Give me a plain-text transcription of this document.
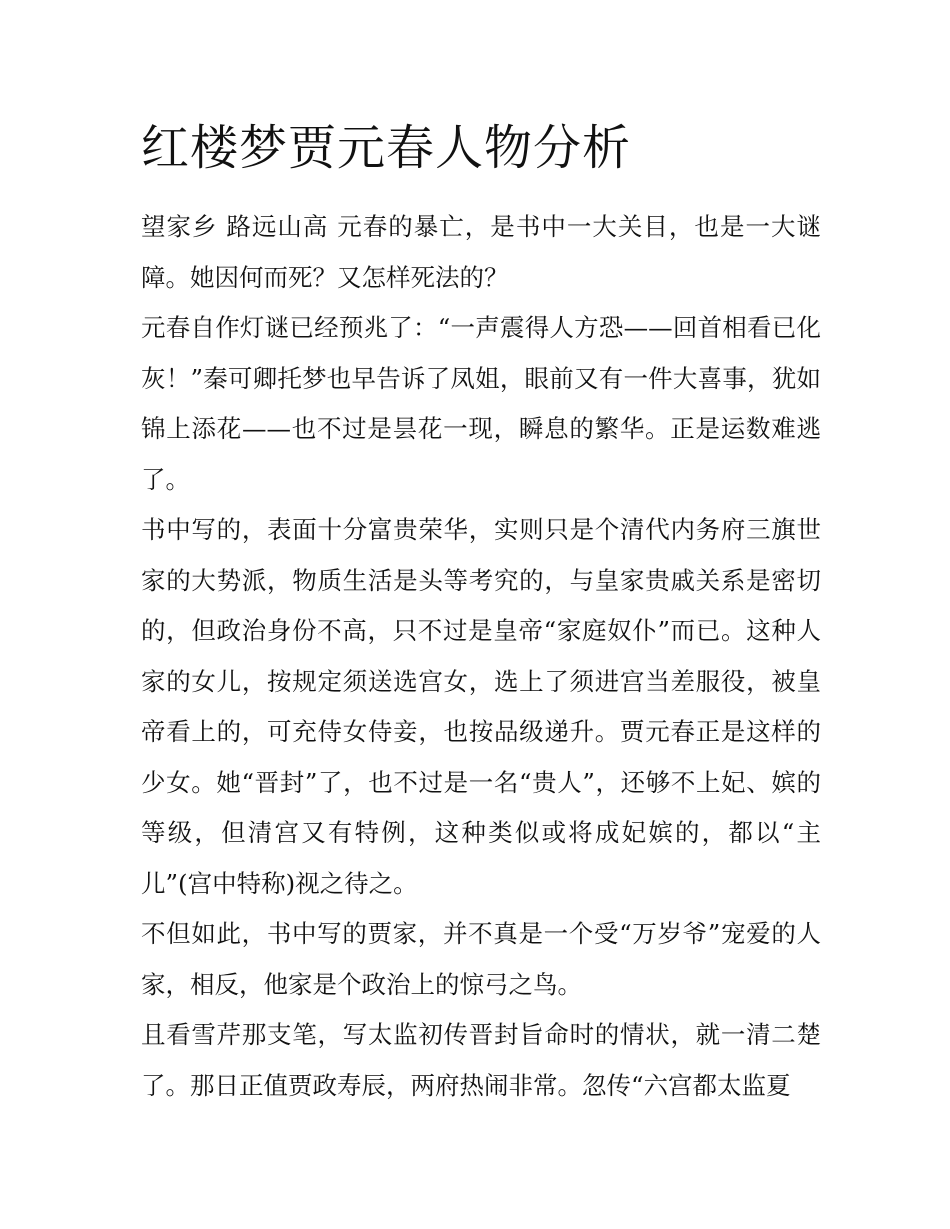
红楼梦贾元春人物分析

望家乡 路远山高 元春的暴亡，是书中一大关目，也是一大谜障。她因何而死？又怎样死法的？

元春自作灯谜已经预兆了：“一声震得人方恐——回首相看已化灰！”秦可卿托梦也早告诉了凤姐，眼前又有一件大喜事，犹如锦上添花——也不过是昙花一现，瞬息的繁华。正是运数难逃了。

书中写的，表面十分富贵荣华，实则只是个清代内务府三旗世家的大势派，物质生活是头等考究的，与皇家贵戚关系是密切的，但政治身份不高，只不过是皇帝“家庭奴仆”而已。这种人家的女儿，按规定须送选宫女，选上了须进宫当差服役，被皇帝看上的，可充侍女侍妾，也按品级递升。贾元春正是这样的少女。她“晋封”了，也不过是一名“贵人”，还够不上妃、嫔的等级，但清宫又有特例，这种类似或将成妃嫔的，都以“主儿”(宫中特称)视之待之。

不但如此，书中写的贾家，并不真是一个受“万岁爷”宠爱的人家，相反，他家是个政治上的惊弓之鸟。

且看雪芹那支笔，写太监初传晋封旨命时的情状，就一清二楚了。那日正值贾政寿辰，两府热闹非常。忽传“六宫都太监夏
